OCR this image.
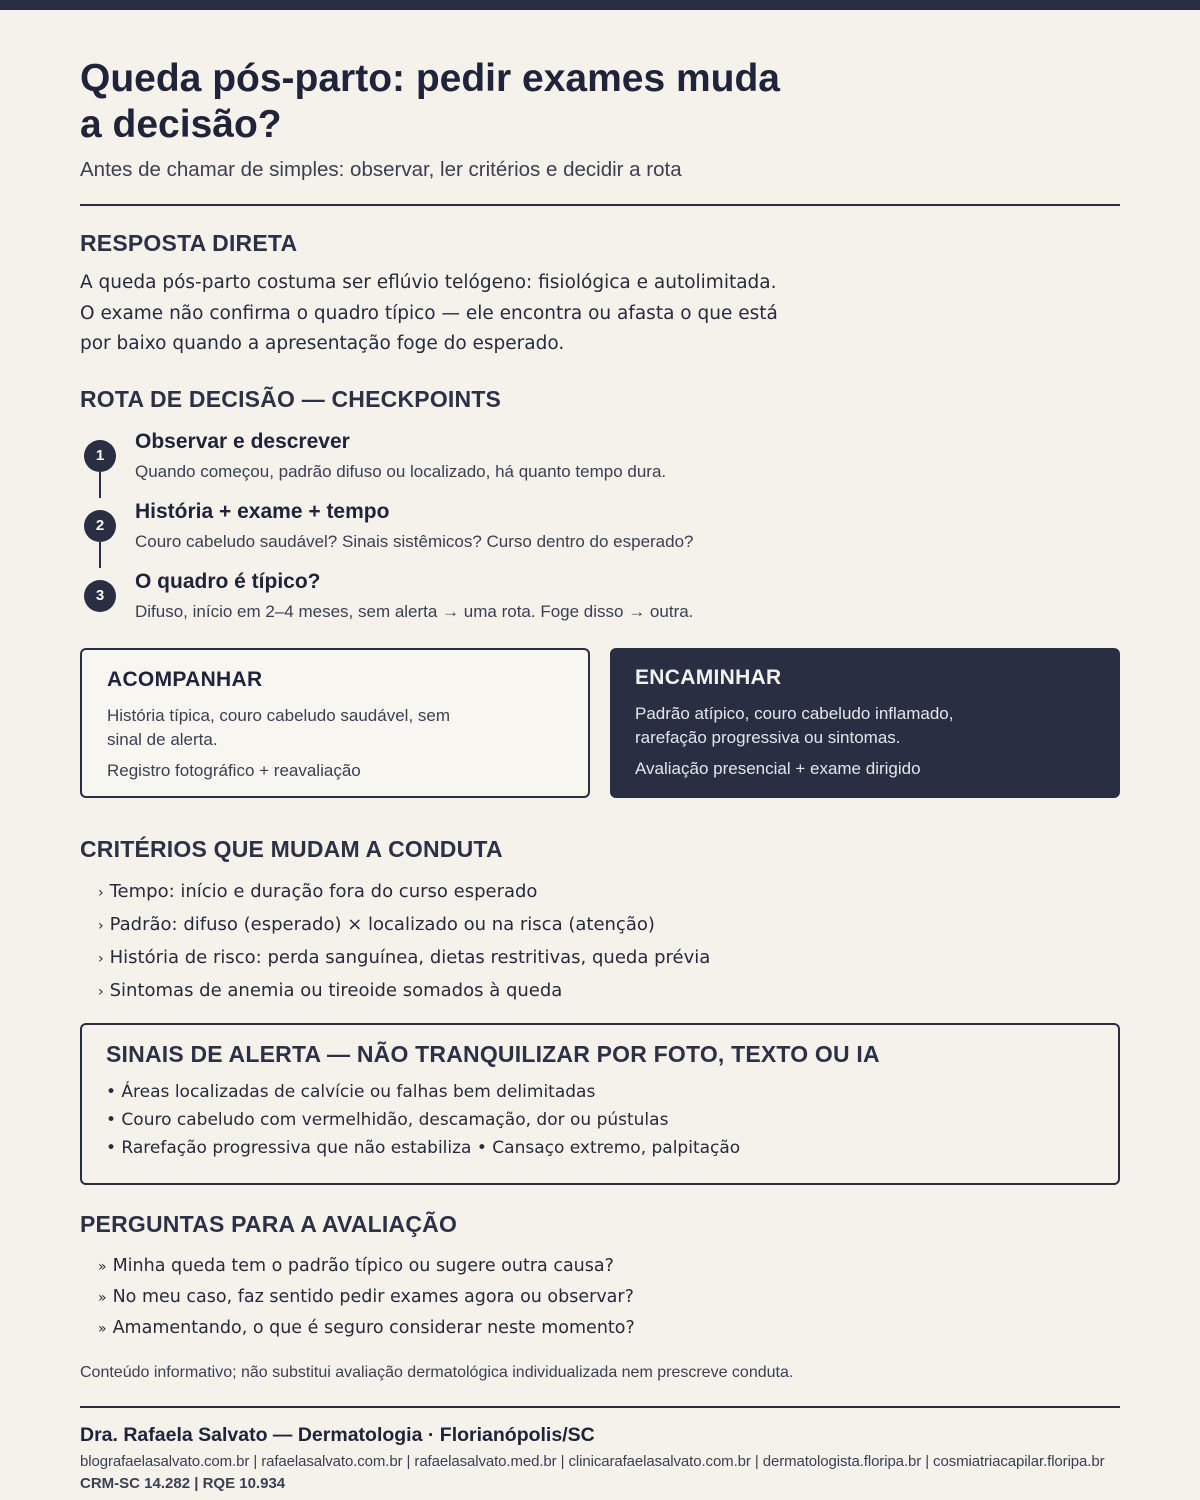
Queda pós-parto: pedir exames muda a decisão?
Antes de chamar de simples: observar, ler critérios e decidir a rota
RESPOSTA DIRETA

A queda pós-parto costuma ser eflúvio telógeno: fisiológica e autolimitada.

O exame não confirma o quadro típico — ele encontra ou afasta o que está

por baixo quando a apresentação foge do esperado.

ROTA DE DECISÃO — CHECKPOINTS
1
Observar e descrever
Quando começou, padrão difuso ou localizado, há quanto tempo dura.
2
História + exame + tempo
Couro cabeludo saudável? Sinais sistêmicos? Curso dentro do esperado?
3
O quadro é típico?
Difuso, início em 2–4 meses, sem alerta → uma rota. Foge disso → outra.
ACOMPANHAR
História típica, couro cabeludo saudável, sem sinal de alerta.
Registro fotográfico + reavaliação
ENCAMINHAR
Padrão atípico, couro cabeludo inflamado, rarefação progressiva ou sintomas.
Avaliação presencial + exame dirigido
CRITÉRIOS QUE MUDAM A CONDUTA
› Tempo: início e duração fora do curso esperado
› Padrão: difuso (esperado) × localizado ou na risca (atenção)
› História de risco: perda sanguínea, dietas restritivas, queda prévia
› Sintomas de anemia ou tireoide somados à queda
SINAIS DE ALERTA — NÃO TRANQUILIZAR POR FOTO, TEXTO OU IA
• Áreas localizadas de calvície ou falhas bem delimitadas
• Couro cabeludo com vermelhidão, descamação, dor ou pústulas
• Rarefação progressiva que não estabiliza • Cansaço extremo, palpitação
PERGUNTAS PARA A AVALIAÇÃO
» Minha queda tem o padrão típico ou sugere outra causa?
» No meu caso, faz sentido pedir exames agora ou observar?
» Amamentando, o que é seguro considerar neste momento?
Conteúdo informativo; não substitui avaliação dermatológica individualizada nem prescreve conduta.
Dra. Rafaela Salvato — Dermatologia · Florianópolis/SC
blografaelasalvato.com.br | rafaelasalvato.com.br | rafaelasalvato.med.br | clinicarafaelasalvato.com.br | dermatologista.floripa.br | cosmiatriacapilar.floripa.br
CRM-SC 14.282 | RQE 10.934
